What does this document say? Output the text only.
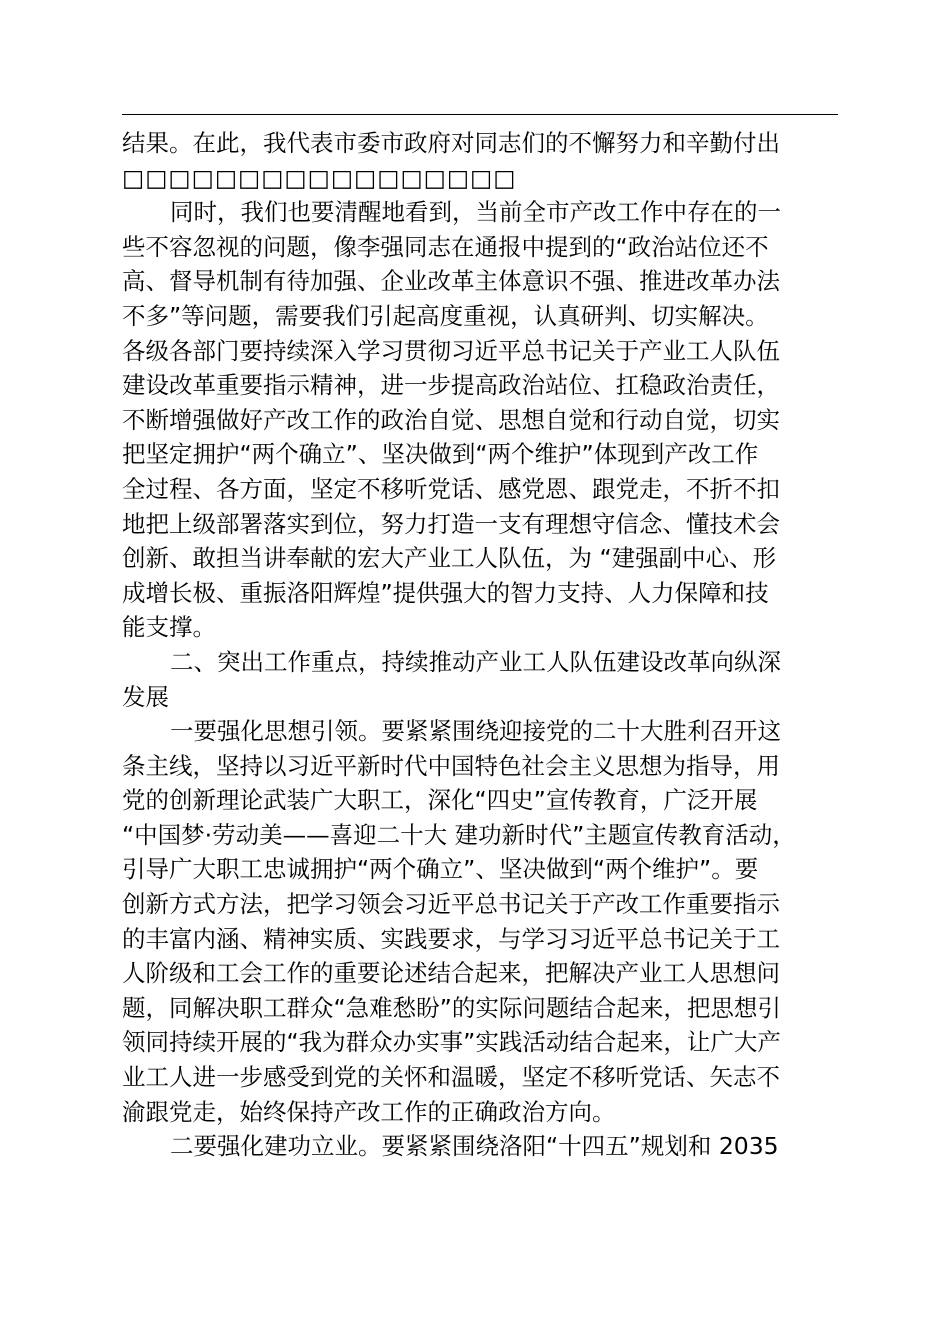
结果。在此，我代表市委市政府对同志们的不懈努力和辛勤付出
□□□□□□□□□□□□□□□□□
同时，我们也要清醒地看到，当前全市产改工作中存在的一
些不容忽视的问题，像李强同志在通报中提到的“政治站位还不
高、督导机制有待加强、企业改革主体意识不强、推进改革办法
不多”等问题，需要我们引起高度重视，认真研判、切实解决。
各级各部门要持续深入学习贯彻习近平总书记关于产业工人队伍
建设改革重要指示精神，进一步提高政治站位、扛稳政治责任，
不断增强做好产改工作的政治自觉、思想自觉和行动自觉，切实
把坚定拥护“两个确立”、坚决做到“两个维护”体现到产改工作
全过程、各方面，坚定不移听党话、感党恩、跟党走，不折不扣
地把上级部署落实到位，努力打造一支有理想守信念、懂技术会
创新、敢担当讲奉献的宏大产业工人队伍，为 “建强副中心、形
成增长极、重振洛阳辉煌”提供强大的智力支持、人力保障和技
能支撑。
二、突出工作重点，持续推动产业工人队伍建设改革向纵深
发展
一要强化思想引领。要紧紧围绕迎接党的二十大胜利召开这
条主线，坚持以习近平新时代中国特色社会主义思想为指导，用
党的创新理论武装广大职工，深化“四史”宣传教育，广泛开展
“中国梦·劳动美——喜迎二十大 建功新时代”主题宣传教育活动，
引导广大职工忠诚拥护“两个确立”、坚决做到“两个维护”。要
创新方式方法，把学习领会习近平总书记关于产改工作重要指示
的丰富内涵、精神实质、实践要求，与学习习近平总书记关于工
人阶级和工会工作的重要论述结合起来，把解决产业工人思想问
题，同解决职工群众“急难愁盼”的实际问题结合起来，把思想引
领同持续开展的“我为群众办实事”实践活动结合起来，让广大产
业工人进一步感受到党的关怀和温暖，坚定不移听党话、矢志不
渝跟党走，始终保持产改工作的正确政治方向。
二要强化建功立业。要紧紧围绕洛阳“十四五”规划和 2035
